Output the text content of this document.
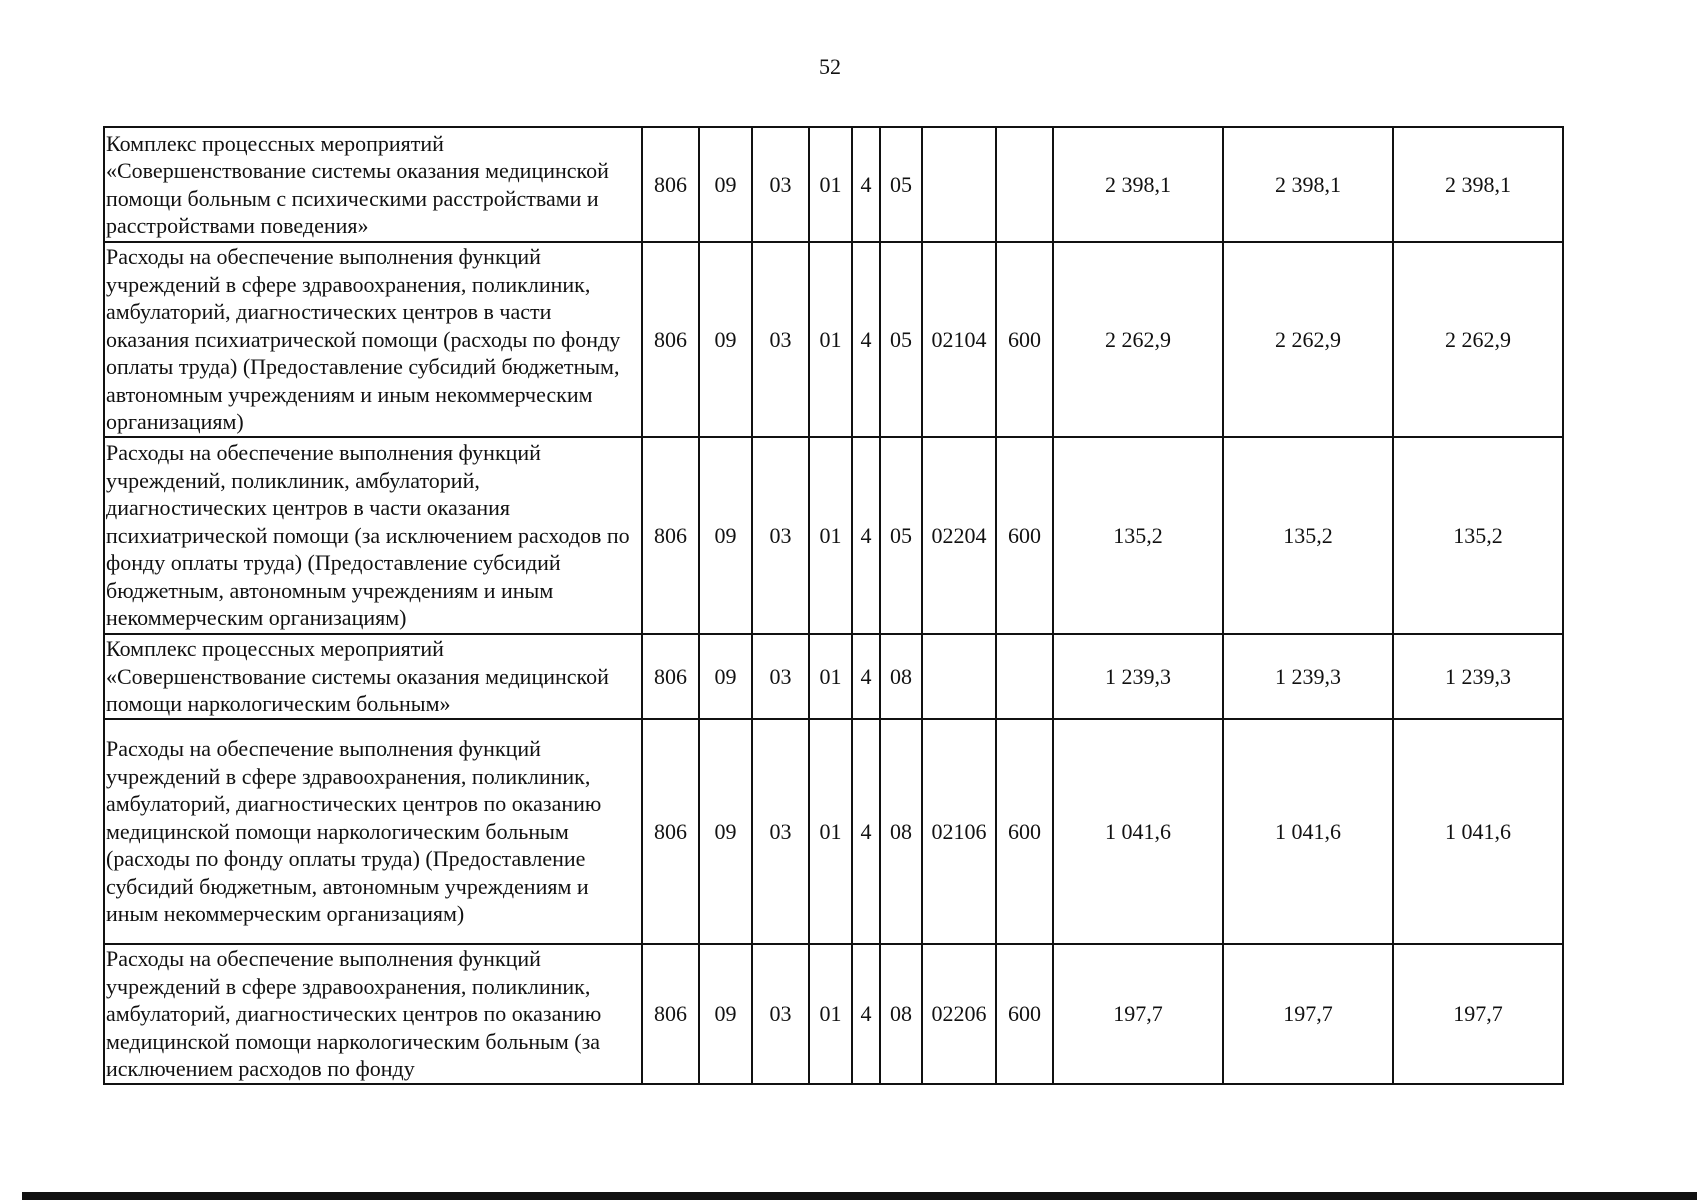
52
Комплекс процессных мероприятий «Совершенствование системы оказания медицинской помощи больным с психическими расстройствами и расстройствами поведения»	806	09	03	01	4	05			2 398,1	2 398,1	2 398,1
Расходы на обеспечение выполнения функций учреждений в сфере здравоохранения, поликлиник, амбулаторий, диагностических центров в части оказания психиатрической помощи (расходы по фонду оплаты труда) (Предоставление субсидий бюджетным, автономным учреждениям и иным некоммерческим организациям)	806	09	03	01	4	05	02104	600	2 262,9	2 262,9	2 262,9
Расходы на обеспечение выполнения функций учреждений, поликлиник, амбулаторий, диагностических центров в части оказания психиатрической помощи (за исключением расходов по фонду оплаты труда) (Предоставление субсидий бюджетным, автономным учреждениям и иным некоммерческим организациям)	806	09	03	01	4	05	02204	600	135,2	135,2	135,2
Комплекс процессных мероприятий «Совершенствование системы оказания медицинской помощи наркологическим больным»	806	09	03	01	4	08			1 239,3	1 239,3	1 239,3
Расходы на обеспечение выполнения функций учреждений в сфере здравоохранения, поликлиник, амбулаторий, диагностических центров по оказанию медицинской помощи наркологическим больным (расходы по фонду оплаты труда) (Предоставление субсидий бюджетным, автономным учреждениям и иным некоммерческим организациям)	806	09	03	01	4	08	02106	600	1 041,6	1 041,6	1 041,6
Расходы на обеспечение выполнения функций учреждений в сфере здравоохранения, поликлиник, амбулаторий, диагностических центров по оказанию медицинской помощи наркологическим больным (за исключением расходов по фонду	806	09	03	01	4	08	02206	600	197,7	197,7	197,7
